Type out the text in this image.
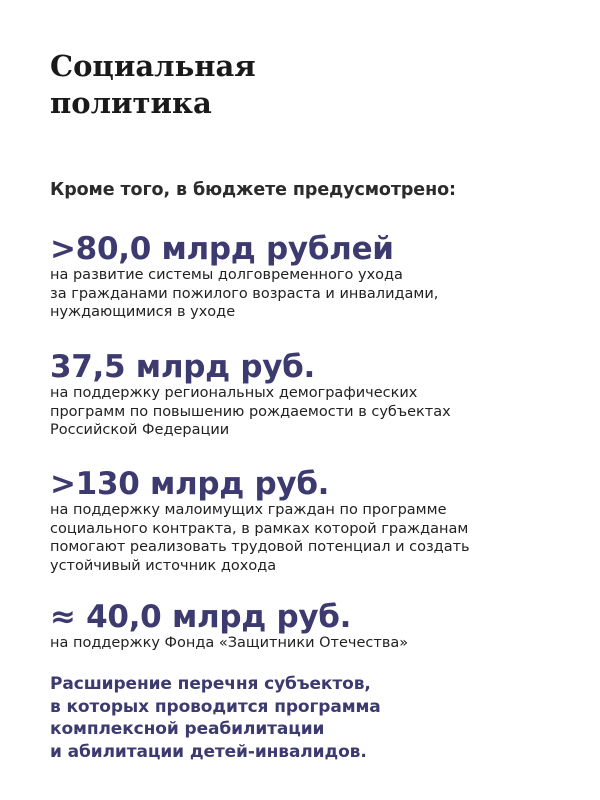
Социальная
политика
Кроме того, в бюджете предусмотрено:
>80,0 млрд рублей
на развитие системы долговременного ухода
за гражданами пожилого возраста и инвалидами,
нуждающимися в уходе
37,5 млрд руб.
на поддержку региональных демографических
программ по повышению рождаемости в субъектах
Российской Федерации
>130 млрд руб.
на поддержку малоимущих граждан по программе
социального контракта, в рамках которой гражданам
помогают реализовать трудовой потенциал и создать
устойчивый источник дохода
≈ 40,0 млрд руб.
на поддержку Фонда «Защитники Отечества»
Расширение перечня субъектов,
в которых проводится программа
комплексной реабилитации
и абилитации детей-инвалидов.
